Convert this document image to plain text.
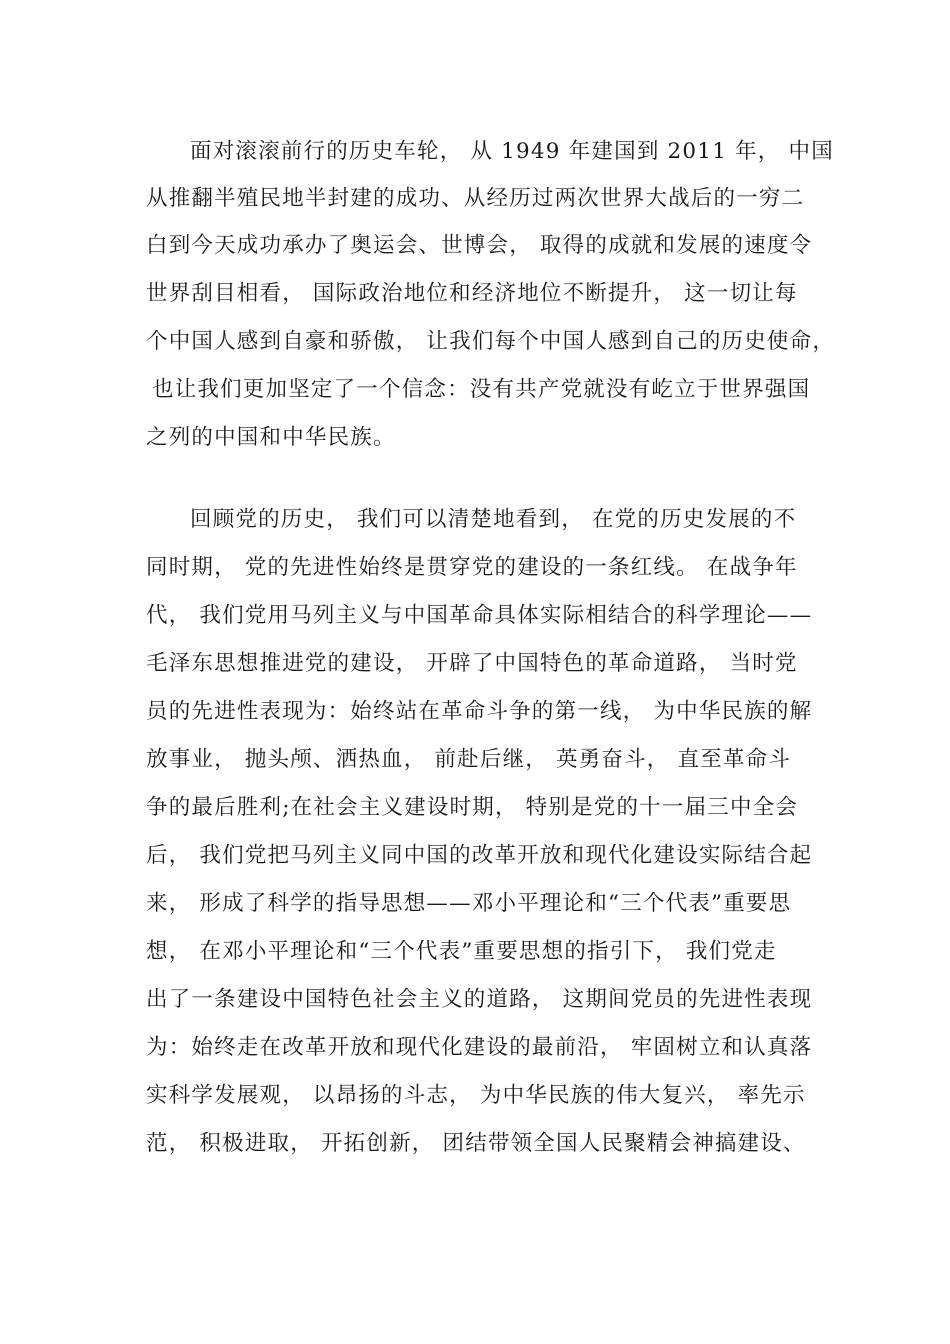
面对滚滚前行的历史车轮， 从 1949 年建国到 2011 年， 中国
从推翻半殖民地半封建的成功、从经历过两次世界大战后的一穷二
白到今天成功承办了奥运会、世博会， 取得的成就和发展的速度令
世界刮目相看， 国际政治地位和经济地位不断提升， 这一切让每
个中国人感到自豪和骄傲， 让我们每个中国人感到自己的历史使命，
也让我们更加坚定了一个信念：没有共产党就没有屹立于世界强国
之列的中国和中华民族。
回顾党的历史， 我们可以清楚地看到， 在党的历史发展的不
同时期， 党的先进性始终是贯穿党的建设的一条红线。 在战争年
代， 我们党用马列主义与中国革命具体实际相结合的科学理论——
毛泽东思想推进党的建设， 开辟了中国特色的革命道路， 当时党
员的先进性表现为：始终站在革命斗争的第一线， 为中华民族的解
放事业， 抛头颅、洒热血， 前赴后继， 英勇奋斗， 直至革命斗
争的最后胜利;在社会主义建设时期， 特别是党的十一届三中全会
后， 我们党把马列主义同中国的改革开放和现代化建设实际结合起
来， 形成了科学的指导思想——邓小平理论和“三个代表”重要思
想， 在邓小平理论和“三个代表”重要思想的指引下， 我们党走
出了一条建设中国特色社会主义的道路， 这期间党员的先进性表现
为：始终走在改革开放和现代化建设的最前沿， 牢固树立和认真落
实科学发展观， 以昂扬的斗志， 为中华民族的伟大复兴， 率先示
范， 积极进取， 开拓创新， 团结带领全国人民聚精会神搞建设、
